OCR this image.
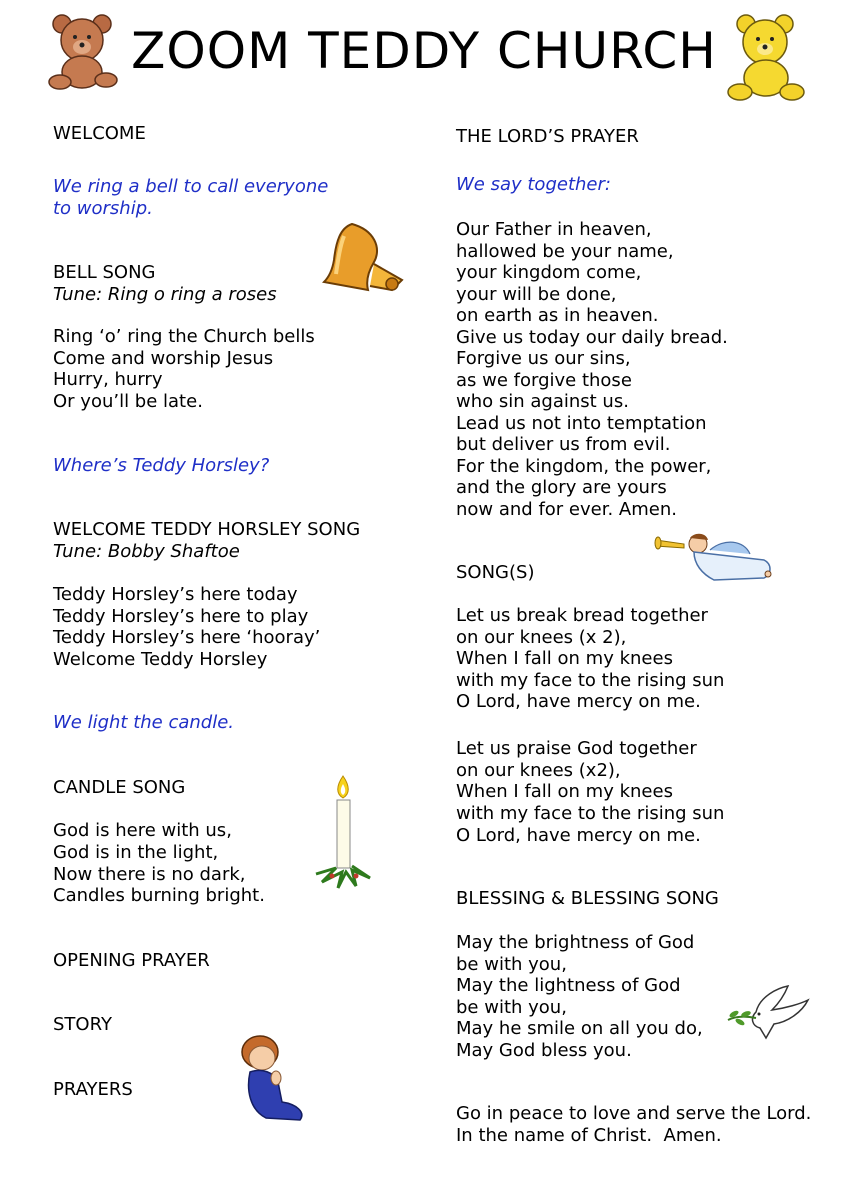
ZOOM TEDDY CHURCH

WELCOME

We ring a bell to call everyone

to worship.

BELL SONG

Tune: Ring o ring a roses

Ring ‘o’ ring the Church bells

Come and worship Jesus

Hurry, hurry

Or you’ll be late.

Where’s Teddy Horsley?

WELCOME TEDDY HORSLEY SONG

Tune: Bobby Shaftoe

Teddy Horsley’s here today

Teddy Horsley’s here to play

Teddy Horsley’s here ‘hooray’

Welcome Teddy Horsley

We light the candle.

CANDLE SONG

God is here with us,

God is in the light,

Now there is no dark,

Candles burning bright.

OPENING PRAYER

STORY

PRAYERS

THE LORD’S PRAYER

We say together:

Our Father in heaven,

hallowed be your name,

your kingdom come,

your will be done,

on earth as in heaven.

Give us today our daily bread.

Forgive us our sins,

as we forgive those

who sin against us.

Lead us not into temptation

but deliver us from evil.

For the kingdom, the power,

and the glory are yours

now and for ever. Amen.

SONG(S)

Let us break bread together

on our knees (x 2),

When I fall on my knees

with my face to the rising sun

O Lord, have mercy on me.

Let us praise God together

on our knees (x2),

When I fall on my knees

with my face to the rising sun

O Lord, have mercy on me.

BLESSING & BLESSING SONG

May the brightness of God

be with you,

May the lightness of God

be with you,

May he smile on all you do,

May God bless you.

Go in peace to love and serve the Lord.

In the name of Christ.  Amen.
